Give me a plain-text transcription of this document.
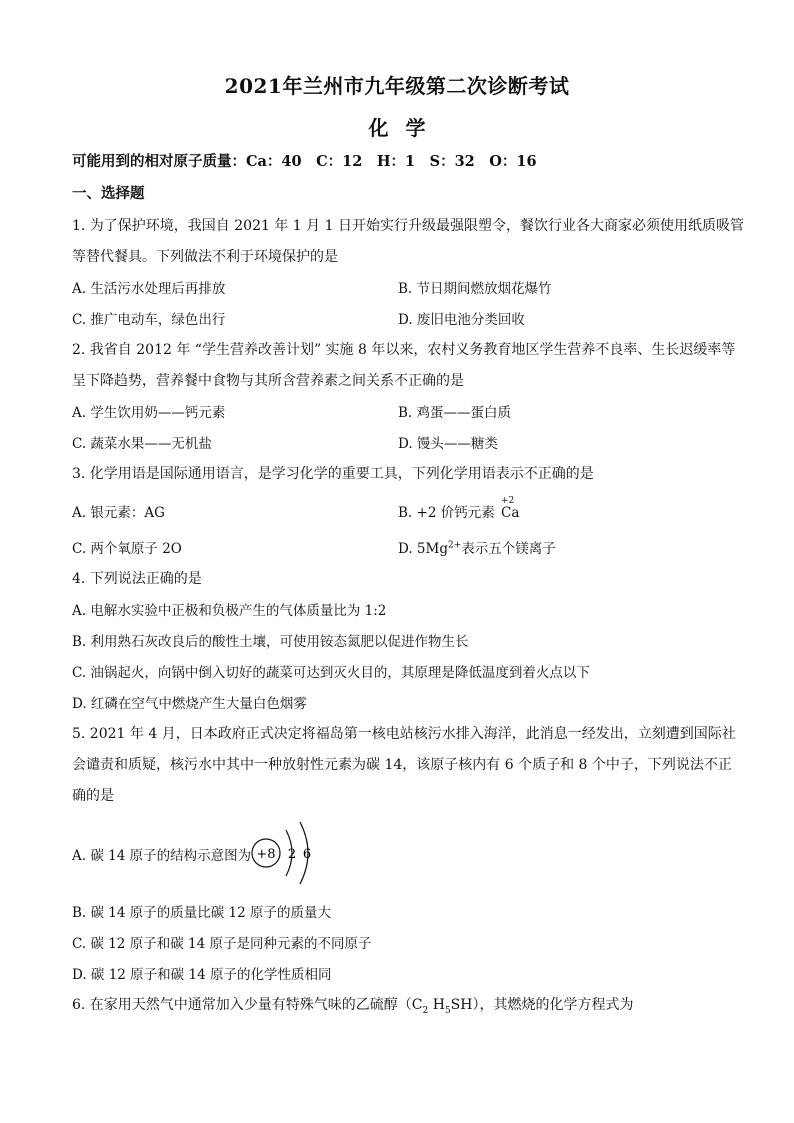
2021年兰州市九年级第二次诊断考试
化 学
可能用到的相对原子质量：Ca：40　C：12　H：1　S：32　O：16
一、选择题
1. 为了保护环境，我国自 2021 年 1 月 1 日开始实行升级最强限塑令，餐饮行业各大商家必须使用纸质吸管
等替代餐具。下列做法不利于环境保护的是
A. 生活污水处理后再排放	B. 节日期间燃放烟花爆竹
C. 推广电动车，绿色出行	D. 废旧电池分类回收
2. 我省自 2012 年 “学生营养改善计划” 实施 8 年以来，农村义务教育地区学生营养不良率、生长迟缓率等
呈下降趋势，营养餐中食物与其所含营养素之间关系不正确的是
A. 学生饮用奶——钙元素	B. 鸡蛋——蛋白质
C. 蔬菜水果——无机盐	D. 馒头——糖类
3. 化学用语是国际通用语言，是学习化学的重要工具，下列化学用语表示不正确的是
A. 银元素：AG	B. +2 价钙元素
+2
Ca
C. 两个氧原子 2O	D. $5Mg^{2+}$表示五个镁离子
4. 下列说法正确的是
A. 电解水实验中正极和负极产生的气体质量比为 1:2
B. 利用熟石灰改良后的酸性土壤，可使用铵态氮肥以促进作物生长
C. 油锅起火，向锅中倒入切好的蔬菜可达到灭火目的，其原理是降低温度到着火点以下
D. 红磷在空气中燃烧产生大量白色烟雾
5. 2021 年 4 月，日本政府正式决定将福岛第一核电站核污水排入海洋，此消息一经发出，立刻遭到国际社
会谴责和质疑，核污水中其中一种放射性元素为碳 14，该原子核内有 6 个质子和 8 个中子，下列说法不正
确的是
A. 碳 14 原子的结构示意图为 +8 2 6
B. 碳 14 原子的质量比碳 12 原子的质量大
C. 碳 12 原子和碳 14 原子是同种元素的不同原子
D. 碳 12 原子和碳 14 原子的化学性质相同
6. 在家用天然气中通常加入少量有特殊气味的乙硫醇（$C_2$ $H_5SH$），其燃烧的化学方程式为
